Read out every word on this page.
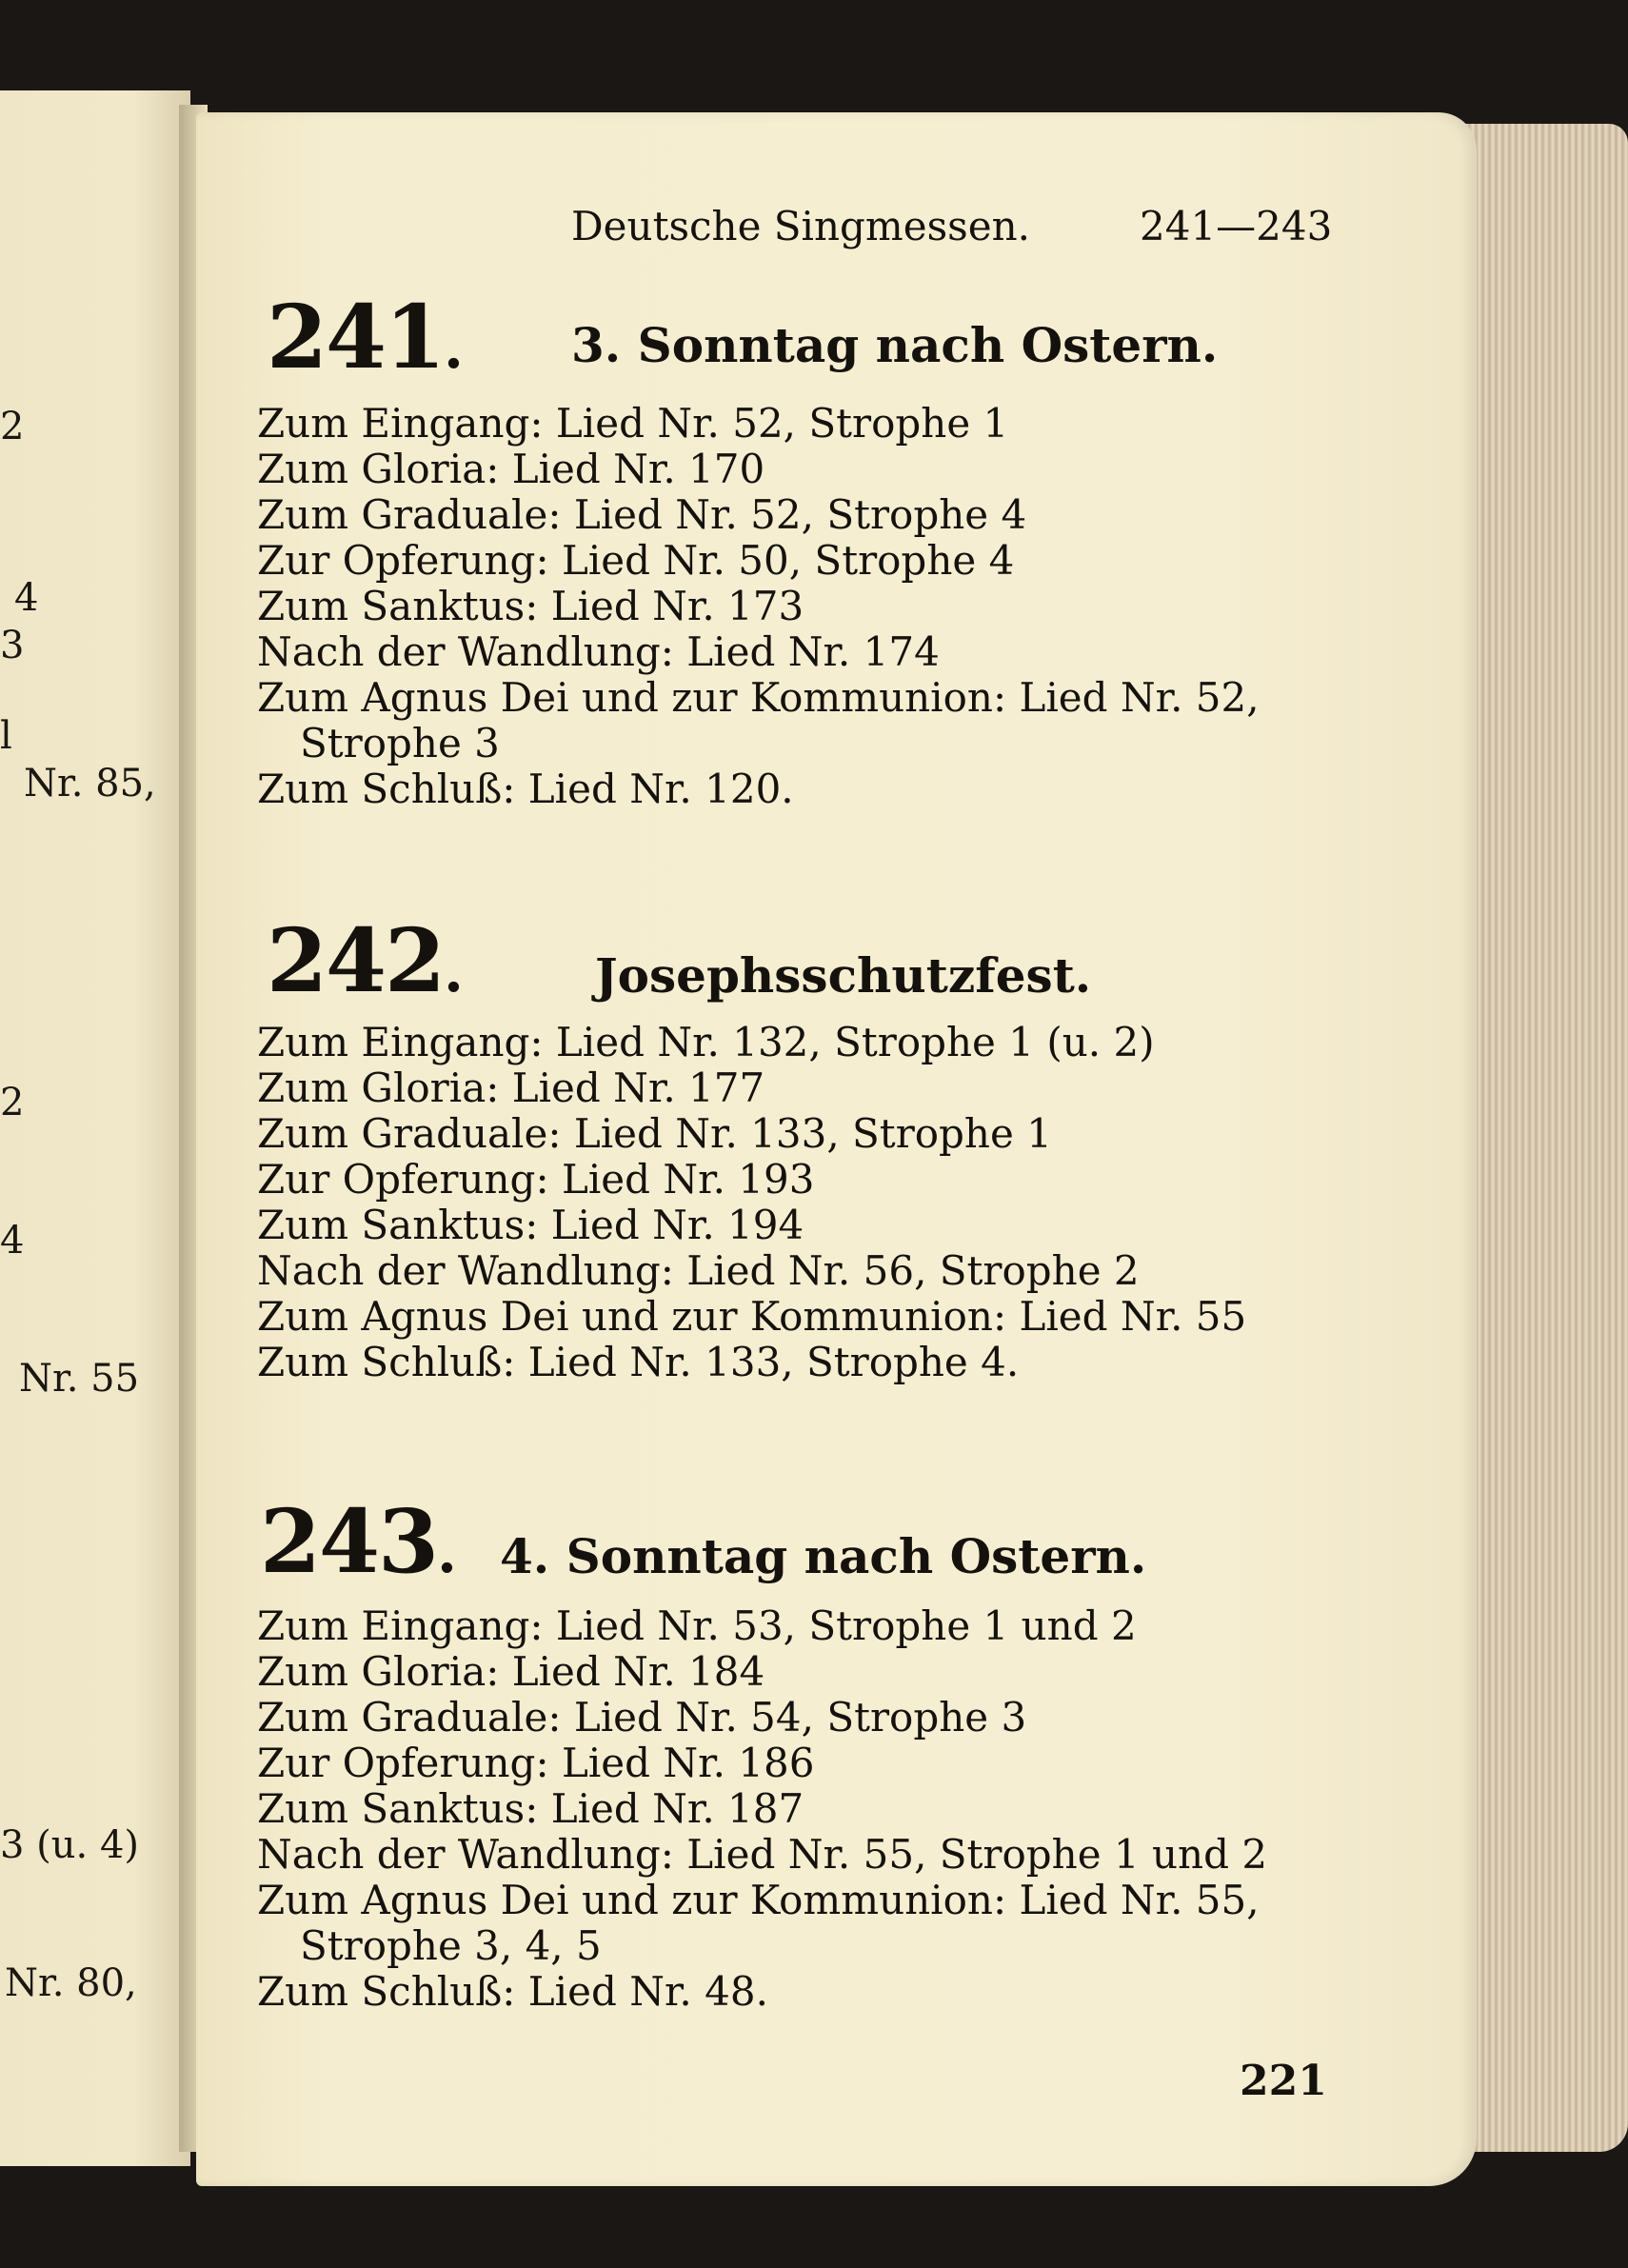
2
4
3
l
Nr. 85,
2
4
Nr. 55
3 (u. 4)
Nr. 80,
Deutsche Singmessen.	241—243
241. 3. Sonntag nach Ostern.
Zum Eingang: Lied Nr. 52, Strophe 1
Zum Gloria: Lied Nr. 170
Zum Graduale: Lied Nr. 52, Strophe 4
Zur Opferung: Lied Nr. 50, Strophe 4
Zum Sanktus: Lied Nr. 173
Nach der Wandlung: Lied Nr. 174
Zum Agnus Dei und zur Kommunion: Lied Nr. 52,
Strophe 3
Zum Schluß: Lied Nr. 120.
242.	Josephsschutzfest.
Zum Eingang: Lied Nr. 132, Strophe 1 (u. 2)
Zum Gloria: Lied Nr. 177
Zum Graduale: Lied Nr. 133, Strophe 1
Zur Opferung: Lied Nr. 193
Zum Sanktus: Lied Nr. 194
Nach der Wandlung: Lied Nr. 56, Strophe 2
Zum Agnus Dei und zur Kommunion: Lied Nr. 55
Zum Schluß: Lied Nr. 133, Strophe 4.
243. 4. Sonntag nach Ostern.
Zum Eingang: Lied Nr. 53, Strophe 1 und 2
Zum Gloria: Lied Nr. 184
Zum Graduale: Lied Nr. 54, Strophe 3
Zur Opferung: Lied Nr. 186
Zum Sanktus: Lied Nr. 187
Nach der Wandlung: Lied Nr. 55, Strophe 1 und 2
Zum Agnus Dei und zur Kommunion: Lied Nr. 55,
Strophe 3, 4, 5
Zum Schluß: Lied Nr. 48.
221
